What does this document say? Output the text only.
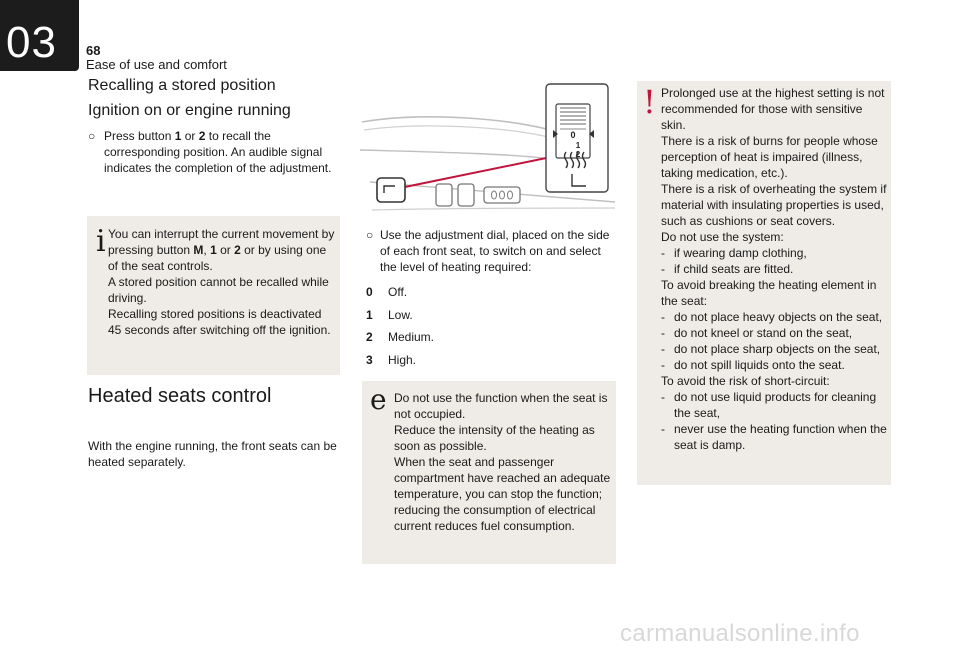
03	68
Ease of use and comfort
Recalling a stored position
Ignition on or engine running
○ Press button 1 or 2 to recall the corresponding position. An audible signal indicates the completion of the adjustment.
i You can interrupt the current movement by pressing button M, 1 or 2 or by using one of the seat controls.
A stored position cannot be recalled while driving.
Recalling stored positions is deactivated 45 seconds after switching off the ignition.
Heated seats control
With the engine running, the front seats can be heated separately.
0
1
2
○ Use the adjustment dial, placed on the side of each front seat, to switch on and select the level of heating required:
0 Off.
1 Low.
2 Medium.
3 High.
e Do not use the function when the seat is not occupied.
Reduce the intensity of the heating as soon as possible.
When the seat and passenger compartment have reached an adequate temperature, you can stop the function; reducing the consumption of electrical current reduces fuel consumption.
! Prolonged use at the highest setting is not recommended for those with sensitive skin.
There is a risk of burns for people whose perception of heat is impaired (illness, taking medication, etc.).
There is a risk of overheating the system if material with insulating properties is used, such as cushions or seat covers.
Do not use the system:
- if wearing damp clothing,
- if child seats are fitted.
To avoid breaking the heating element in the seat:
- do not place heavy objects on the seat,
- do not kneel or stand on the seat,
- do not place sharp objects on the seat,
- do not spill liquids onto the seat.
To avoid the risk of short-circuit:
- do not use liquid products for cleaning the seat,
- never use the heating function when the seat is damp.
carmanualsonline.info
